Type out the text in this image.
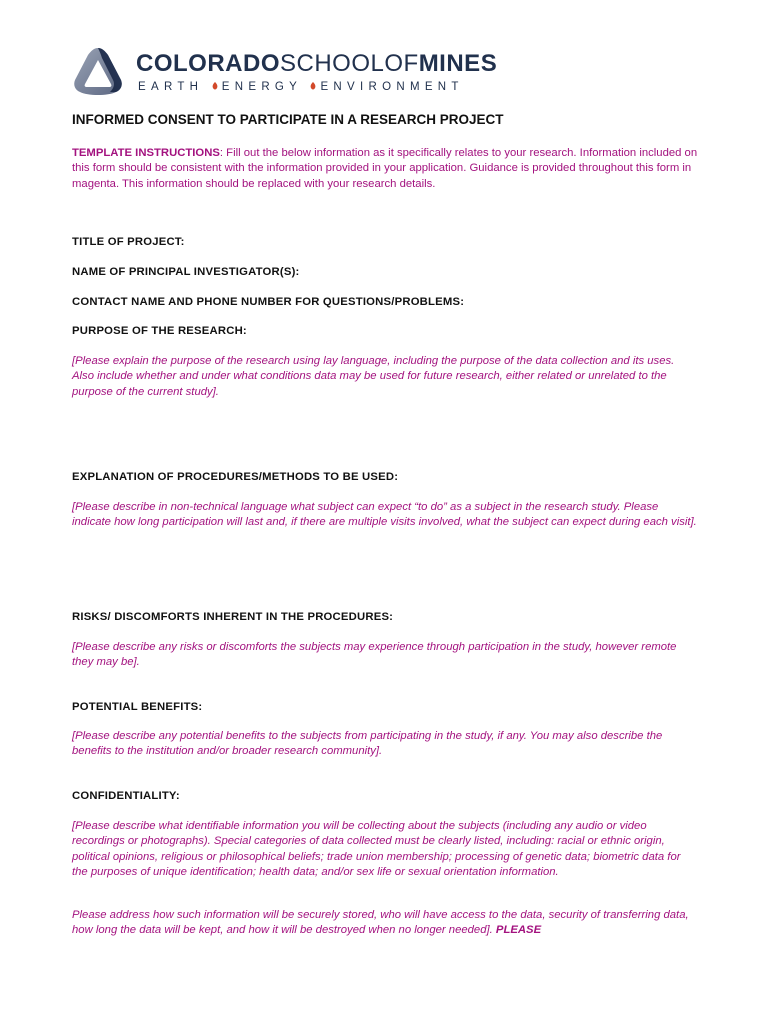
COLORADOSCHOOLOFMINES
EARTH ENERGY ENVIRONMENT
INFORMED CONSENT TO PARTICIPATE IN A RESEARCH PROJECT
TEMPLATE INSTRUCTIONS: Fill out the below information as it specifically relates to your research. Information included on this form should be consistent with the information provided in your application. Guidance is provided throughout this form in magenta. This information should be replaced with your research details.
TITLE OF PROJECT:
NAME OF PRINCIPAL INVESTIGATOR(S):
CONTACT NAME AND PHONE NUMBER FOR QUESTIONS/PROBLEMS:
PURPOSE OF THE RESEARCH:
[Please explain the purpose of the research using lay language, including the purpose of the data collection and its uses. Also include whether and under what conditions data may be used for future research, either related or unrelated to the purpose of the current study].
EXPLANATION OF PROCEDURES/METHODS TO BE USED:
[Please describe in non-technical language what subject can expect “to do” as a subject in the research study. Please indicate how long participation will last and, if there are multiple visits involved, what the subject can expect during each visit].
RISKS/ DISCOMFORTS INHERENT IN THE PROCEDURES:
[Please describe any risks or discomforts the subjects may experience through participation in the study, however remote they may be].
POTENTIAL BENEFITS:
[Please describe any potential benefits to the subjects from participating in the study, if any. You may also describe the benefits to the institution and/or broader research community].
CONFIDENTIALITY:
[Please describe what identifiable information you will be collecting about the subjects (including any audio or video recordings or photographs). Special categories of data collected must be clearly listed, including: racial or ethnic origin, political opinions, religious or philosophical beliefs; trade union membership; processing of genetic data; biometric data for the purposes of unique identification; health data; and/or sex life or sexual orientation information.
Please address how such information will be securely stored, who will have access to the data, security of transferring data, how long the data will be kept, and how it will be destroyed when no longer needed]. PLEASE
